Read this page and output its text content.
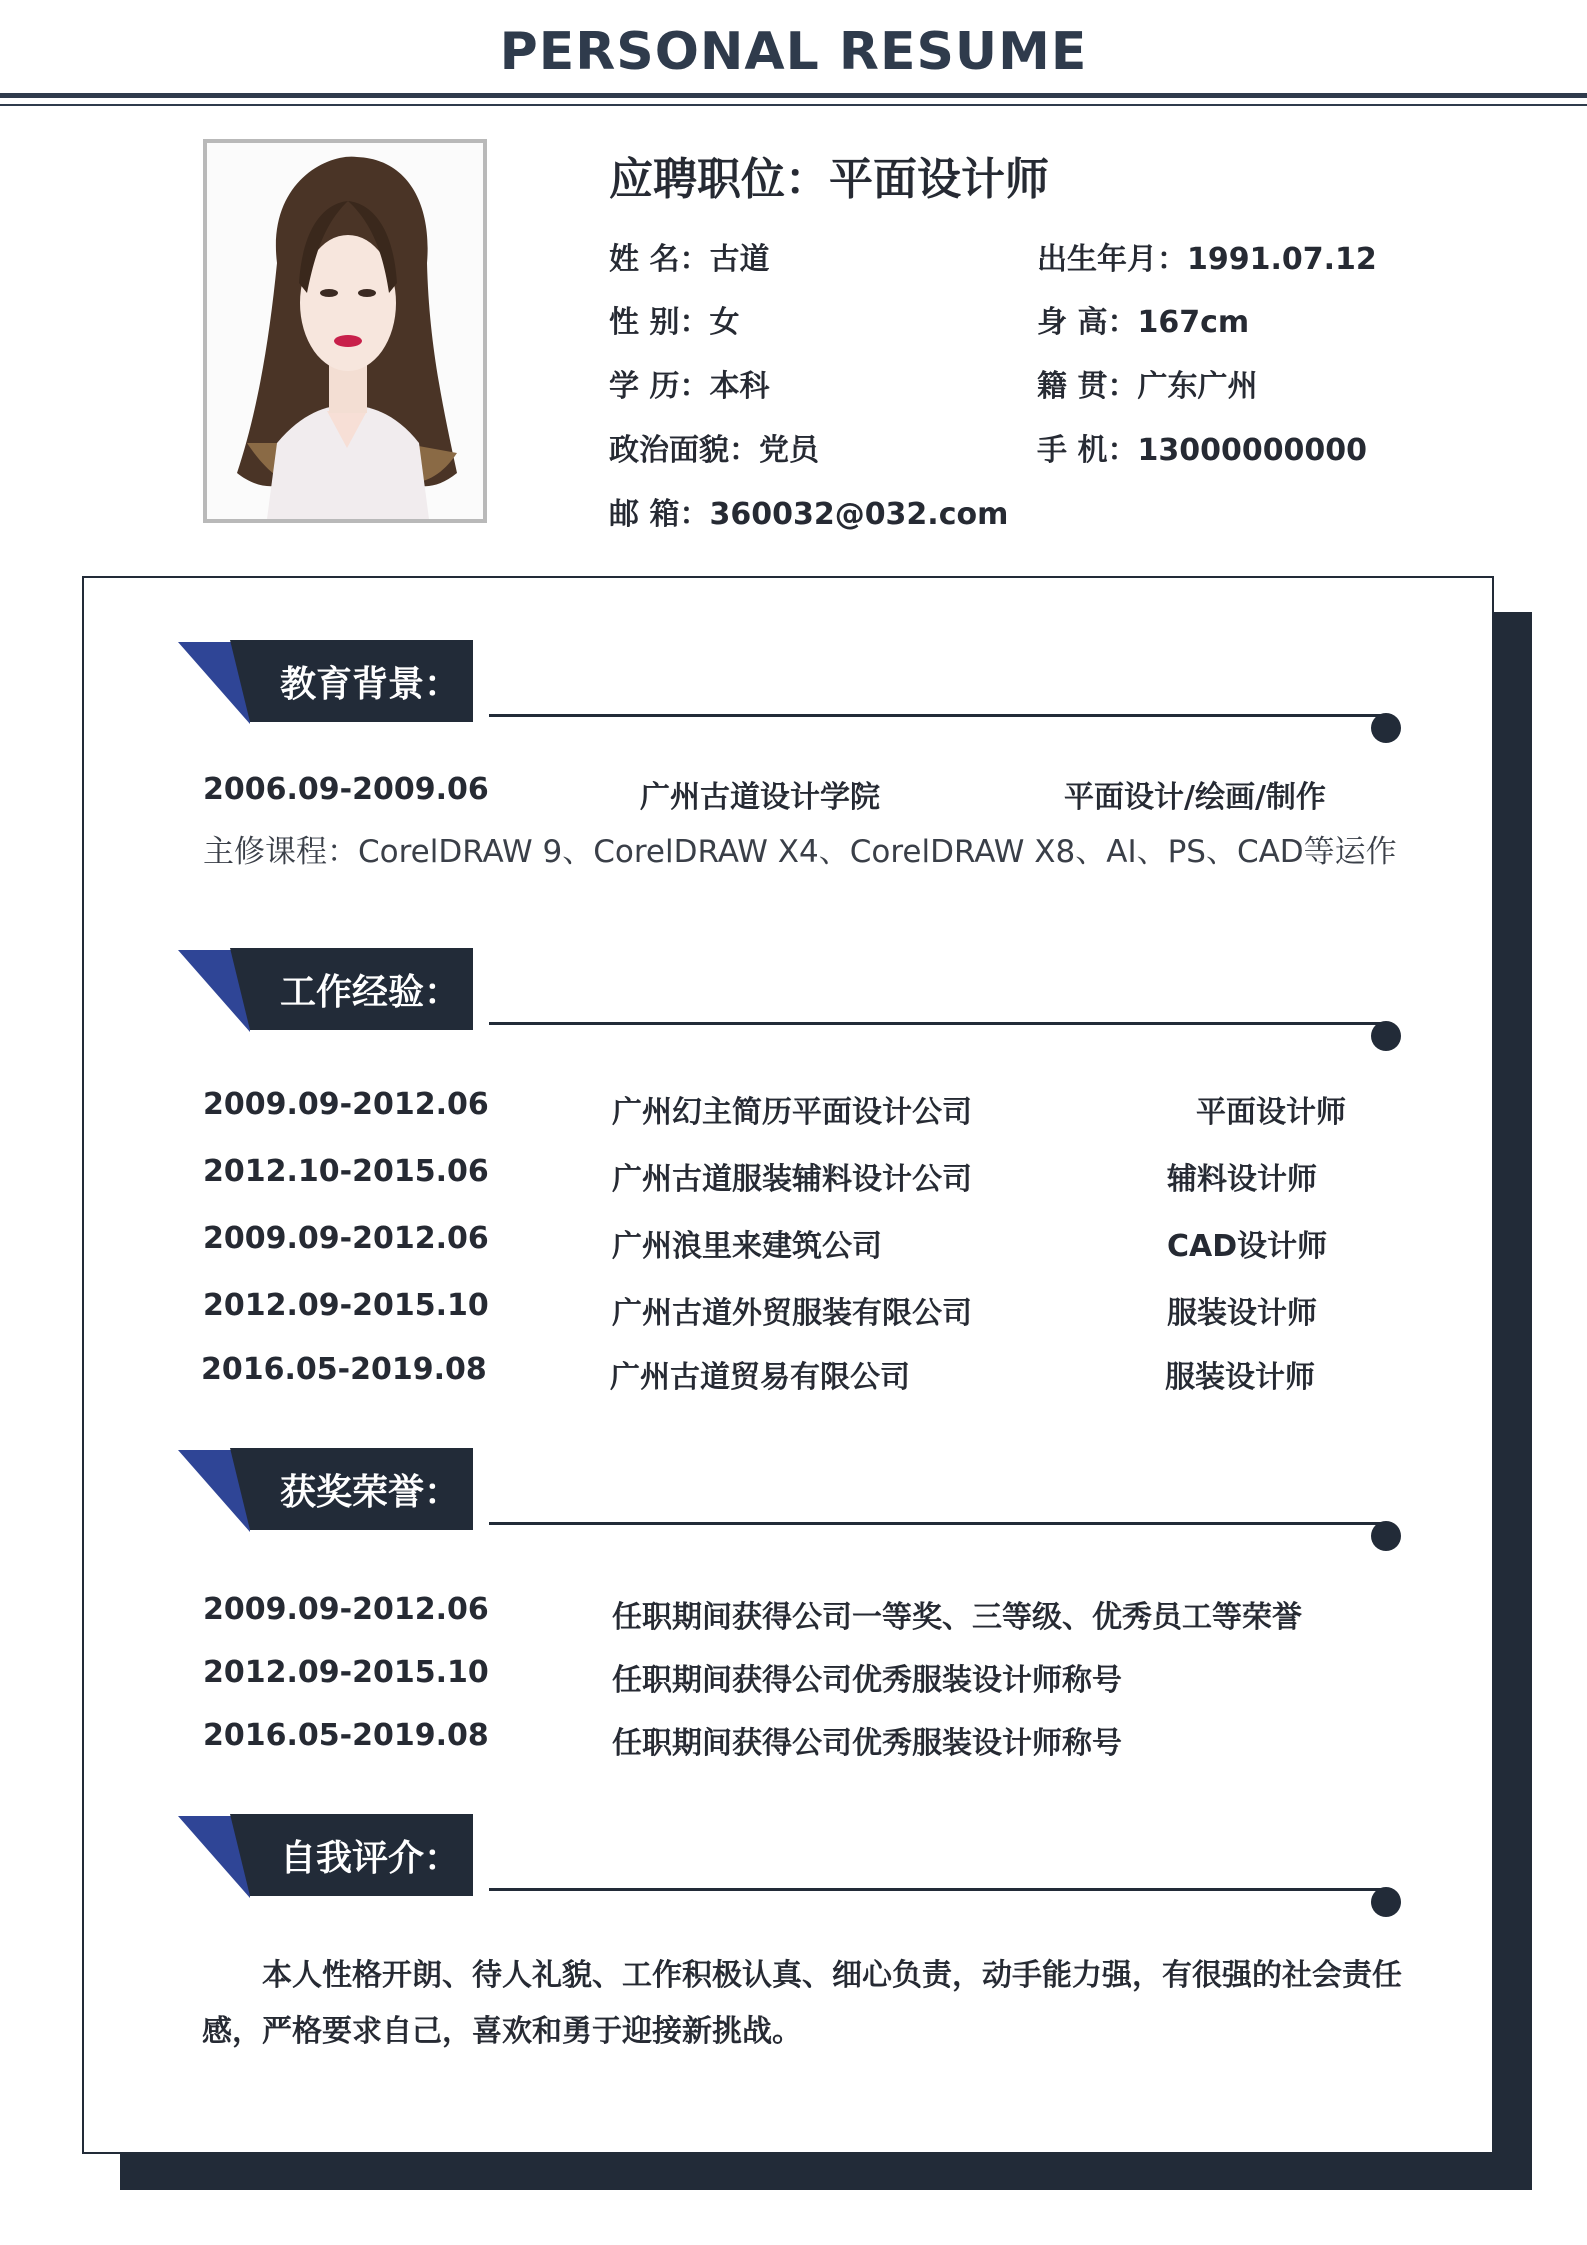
PERSONAL RESUME
应聘职位：平面设计师
姓 名：古道	出生年月：1991.07.12
性 别：女	身 高：167cm
学 历：本科	籍 贯：广东广州
政治面貌：党员	手 机：13000000000
邮 箱：360032@032.com
教育背景：
2006.09-2009.06	广州古道设计学院	平面设计/绘画/制作
主修课程：CorelDRAW 9、CorelDRAW X4、CorelDRAW X8、AI、PS、CAD等运作
工作经验：
2009.09-2012.06	广州幻主简历平面设计公司	平面设计师
2012.10-2015.06	广州古道服装辅料设计公司	辅料设计师
2009.09-2012.06	广州浪里来建筑公司	CAD设计师
2012.09-2015.10	广州古道外贸服装有限公司	服装设计师
2016.05-2019.08	广州古道贸易有限公司	服装设计师
获奖荣誉：
2009.09-2012.06	任职期间获得公司一等奖、三等级、优秀员工等荣誉
2012.09-2015.10	任职期间获得公司优秀服装设计师称号
2016.05-2019.08	任职期间获得公司优秀服装设计师称号
自我评介：
本人性格开朗、待人礼貌、工作积极认真、细心负责，动手能力强，有很强的社会责任感，严格要求自己，喜欢和勇于迎接新挑战。
